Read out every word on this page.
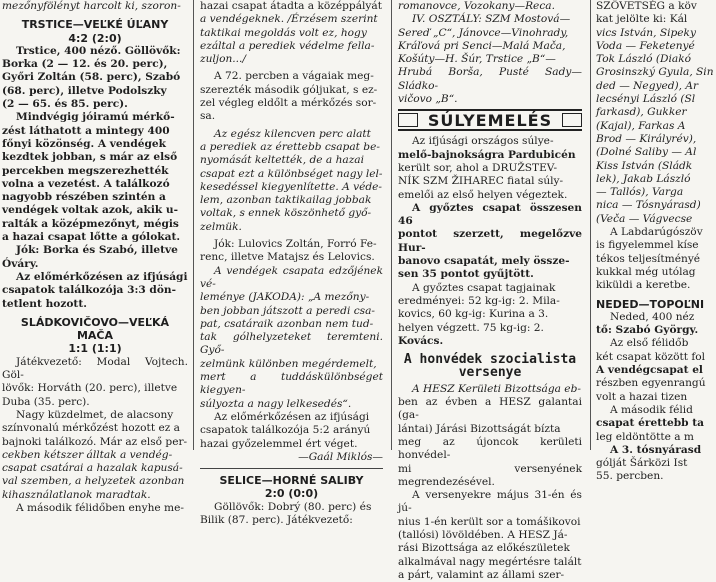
mezőnyfölényt harcolt ki, szoron-

TRSTICE—VEĽKÉ ÚĽANY
4:2 (2:0)

Trstice, 400 néző. Göllövők:

Borka (2 — 12. és 20. perc),

Győri Zoltán (58. perc), Szabó

(68. perc), illetve Podolszky

(2 — 65. és 85. perc).

Mindvégig jóiramú mérkő-

zést láthatott a mintegy 400

főnyi közönség. A vendégek

kezdtek jobban, s már az első

percekben megszerezhették

volna a vezetést. A találkozó

nagyobb részében szintén a

vendégek voltak azok, akik u-

ralták a középmezőnyt, mégis

a hazai csapat lőtte a gólokat.

Jók: Borka és Szabó, illetve

Óváry.

Az előmérkőzésen az ifjúsági

csapatok találkozója 3:3 dön-

tetlent hozott.

SLÁDKOVIČOVO—VEĽKÁ MAČA
1:1 (1:1)

Játékvezető: Modal Vojtech. Göl-

lövők: Horváth (20. perc), illetve

Duba (35. perc).

Nagy küzdelmet, de alacsony

színvonalú mérkőzést hozott ez a

bajnoki találkozó. Már az első per-

cekben kétszer álltak a vendég-

csapat csatárai a hazalak kapusá-

val szemben, a helyzetek azonban

kihasználatlanok maradtak.

A második félidőben enyhe me-

hazai csapat átadta a középpályát

a vendégeknek. /Érzésem szerint

taktikai megoldás volt ez, hogy

ezáltal a perediek védelme fella-

zuljon.../

A 72. percben a vágaiak meg-

szerezték második góljukat, s ez-

zel végleg eldőlt a mérkőzés sor-

sa.

Az egész kilencven perc alatt

a perediek az érettebb csapat be-

nyomását keltették, de a hazai

csapat ezt a különbséget nagy lel-

kesedéssel kiegyenlítette. A véde-

lem, azonban taktikailag jobbak

voltak, s ennek köszönhető győ-

zelmük.

Jók: Lulovics Zoltán, Forró Fe-

renc, illetve Matajsz és Lelovics.

A vendégek csapata edzőjének vé-

leménye (JAKODA): „A mezőny-

ben jobban játszott a peredi csa-

pat, csatáraik azonban nem tud-

tak gólhelyzeteket teremteni. Győ-

zelmünk különben megérdemelt,

mert a tuddáskülönbséget kiegyen-

súlyozta a nagy lelkesedés“.

Az előmérkőzésen az ifjúsági

csapatok találkozója 5:2 arányú

hazai győzelemmel ért véget.

—Gaál Miklós—

SELICE—HORNÉ SALIBY
2:0 (0:0)

Göllövők: Dobrý (80. perc) és

Bilik (87. perc). Játékvezető:

romanovce, Vozokany—Reca.

IV. OSZTÁLY: SZM Mostová—

Sereď „C“, Jánovce—Vinohrady,

Kráľová pri Senci—Malá Mača,

Košúty—H. Šúr, Trstice „B“—

Hrubá Borša, Pusté Sady—Sládko-

vičovo „B“.

SÚLYEMELÉS

Az ifjúsági országos súlye-

melő-bajnokságra Pardubicén

került sor, ahol a DRUŽSTEV-

NÍK SZM ŽIHAREC fiatal súly-

emelői az első helyen végeztek.

A győztes csapat összesen 46

pontot szerzett, megelőzve Hur-

banovo csapatát, mely össze-

sen 35 pontot gyűjtött.

A győztes csapat tagjainak

eredményei: 52 kg-ig: 2. Mila-

kovics, 60 kg-ig: Kurina a 3.

helyen végzett. 75 kg-ig: 2.

Kovács.

A honvédek szocialista versenye

A HESZ Kerületi Bizottsága eb-

ben az évben a HESZ galantai (ga-

lántai) Járási Bizottságát bízta

meg az újoncok kerületi honvédel-

mi versenyének megrendezésével.

A versenyekre május 31-én és jú-

nius 1-én került sor a tomášikovoi

(tallósi) lövöldében. A HESZ Já-

rási Bizottsága az előkészületek

alkalmával nagy megértésre talált

a párt, valamint az állami szer-

SZÖVETSÉG a köv

kat jelölte ki: Kál

vics István, Sipeky

Voda — Feketenyé

Tok László (Diakó

Grosinszký Gyula, Sin

ded — Negyed), Ar

lecsényi László (Sl

farkasd), Gukker

(Kajal), Farkas A

Brod — Királyrév),

(Dolné Saliby — Al

Kiss István (Sládk

lek), Jakab László

— Tallós), Varga

nica — Tósnyárasd)

(Veča — Vágvecse

A Labdarúgószöv

is figyelemmel kíse

tékos teljesítményé

kukkal még utólag

kiküldi a keretbe.

NEDED—TOPOĽNI

Neded, 400 néz

tő: Szabó György.

Az első félidőb

két csapat között fol

A vendégcsapat el

részben egyenrangú

volt a hazai tizen

A második félid

csapat érettebb ta

leg eldöntötte a m

A 3. tósnyárasd

gólját Šárközi Ist

55. percben.
